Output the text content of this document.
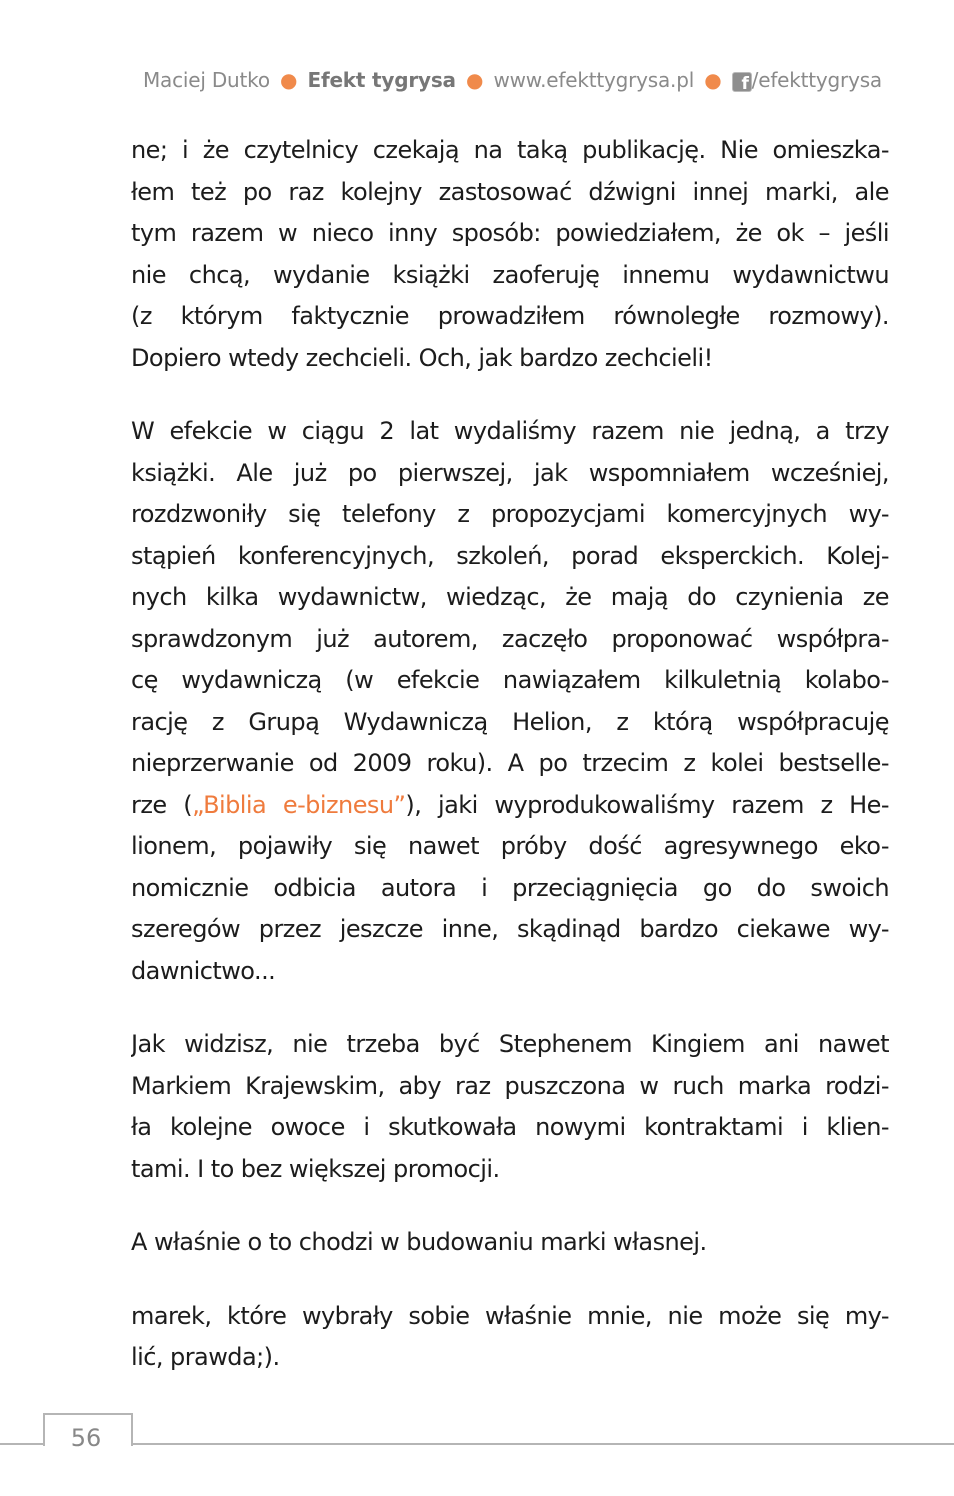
Maciej Dutko ● Efekt tygrysa ● www.efekttygrysa.pl ● f /efekttygrysa
ne; i że czytelnicy czekają na taką publikację. Nie omieszka-
łem też po raz kolejny zastosować dźwigni innej marki, ale
tym razem w nieco inny sposób: powiedziałem, że ok – jeśli
nie chcą, wydanie książki zaoferuję innemu wydawnictwu
(z którym faktycznie prowadziłem równoległe rozmowy).
Dopiero wtedy zechcieli. Och, jak bardzo zechcieli!
W efekcie w ciągu 2 lat wydaliśmy razem nie jedną, a trzy
książki. Ale już po pierwszej, jak wspomniałem wcześniej,
rozdzwoniły się telefony z propozycjami komercyjnych wy-
stąpień konferencyjnych, szkoleń, porad eksperckich. Kolej-
nych kilka wydawnictw, wiedząc, że mają do czynienia ze
sprawdzonym już autorem, zaczęło proponować współpra-
cę wydawniczą (w efekcie nawiązałem kilkuletnią kolabo-
rację z Grupą Wydawniczą Helion, z którą współpracuję
nieprzerwanie od 2009 roku). A po trzecim z kolei bestselle-
rze („Biblia e-biznesu”), jaki wyprodukowaliśmy razem z He-
lionem, pojawiły się nawet próby dość agresywnego eko-
nomicznie odbicia autora i przeciągnięcia go do swoich
szeregów przez jeszcze inne, skądinąd bardzo ciekawe wy-
dawnictwo...
Jak widzisz, nie trzeba być Stephenem Kingiem ani nawet
Markiem Krajewskim, aby raz puszczona w ruch marka rodzi-
ła kolejne owoce i skutkowała nowymi kontraktami i klien-
tami. I to bez większej promocji.
A właśnie o to chodzi w budowaniu marki własnej.
marek, które wybrały sobie właśnie mnie, nie może się my-
lić, prawda;).
56
